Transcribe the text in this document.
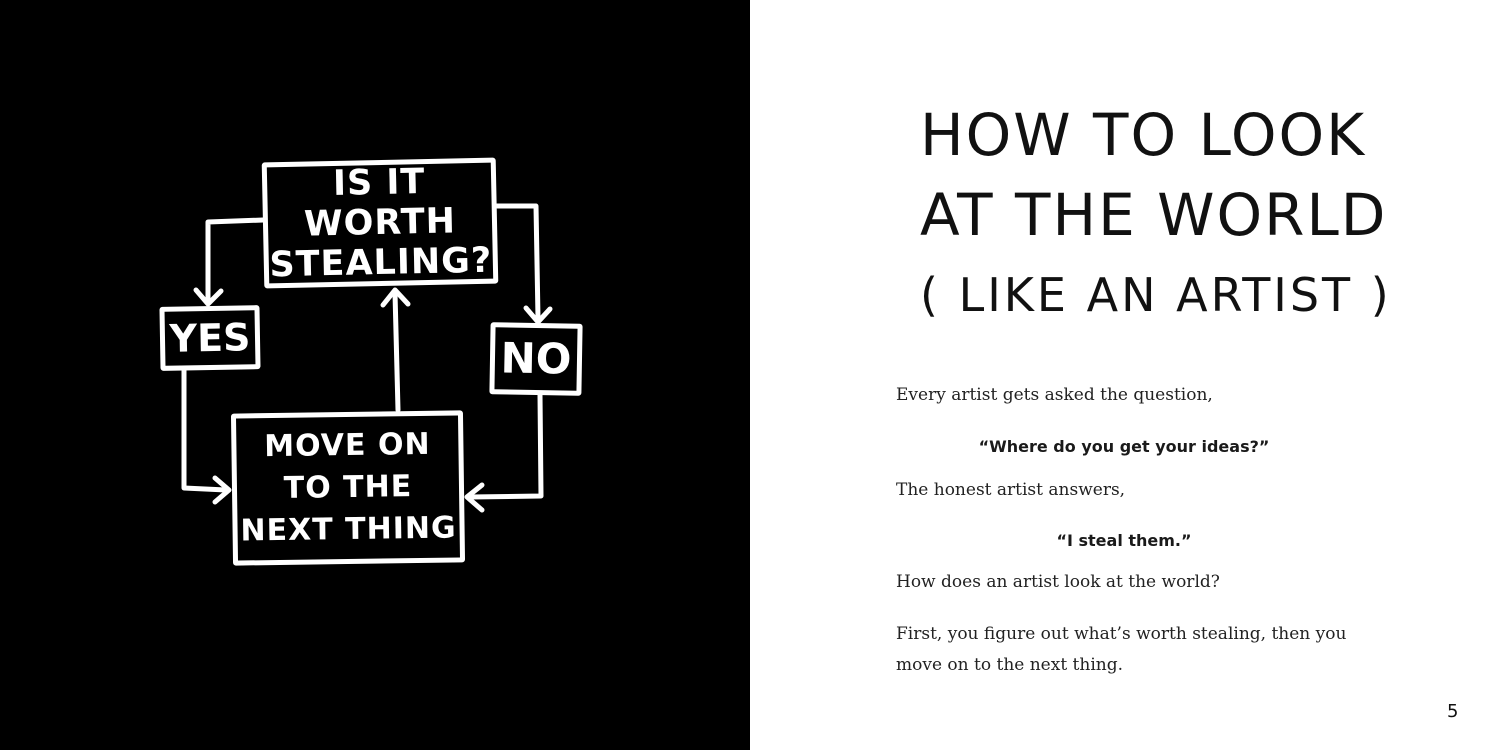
IS IT WORTH
STEALING?
YES	NO
MOVE ON
TO THE
NEXT THING
HOW TO LOOK
AT THE WORLD
( LIKE AN ARTIST )
Every artist gets asked the question,
“Where do you get your ideas?”
The honest artist answers,
“I steal them.”
How does an artist look at the world?
First, you figure out what’s worth stealing, then you move on to the next thing.
5
